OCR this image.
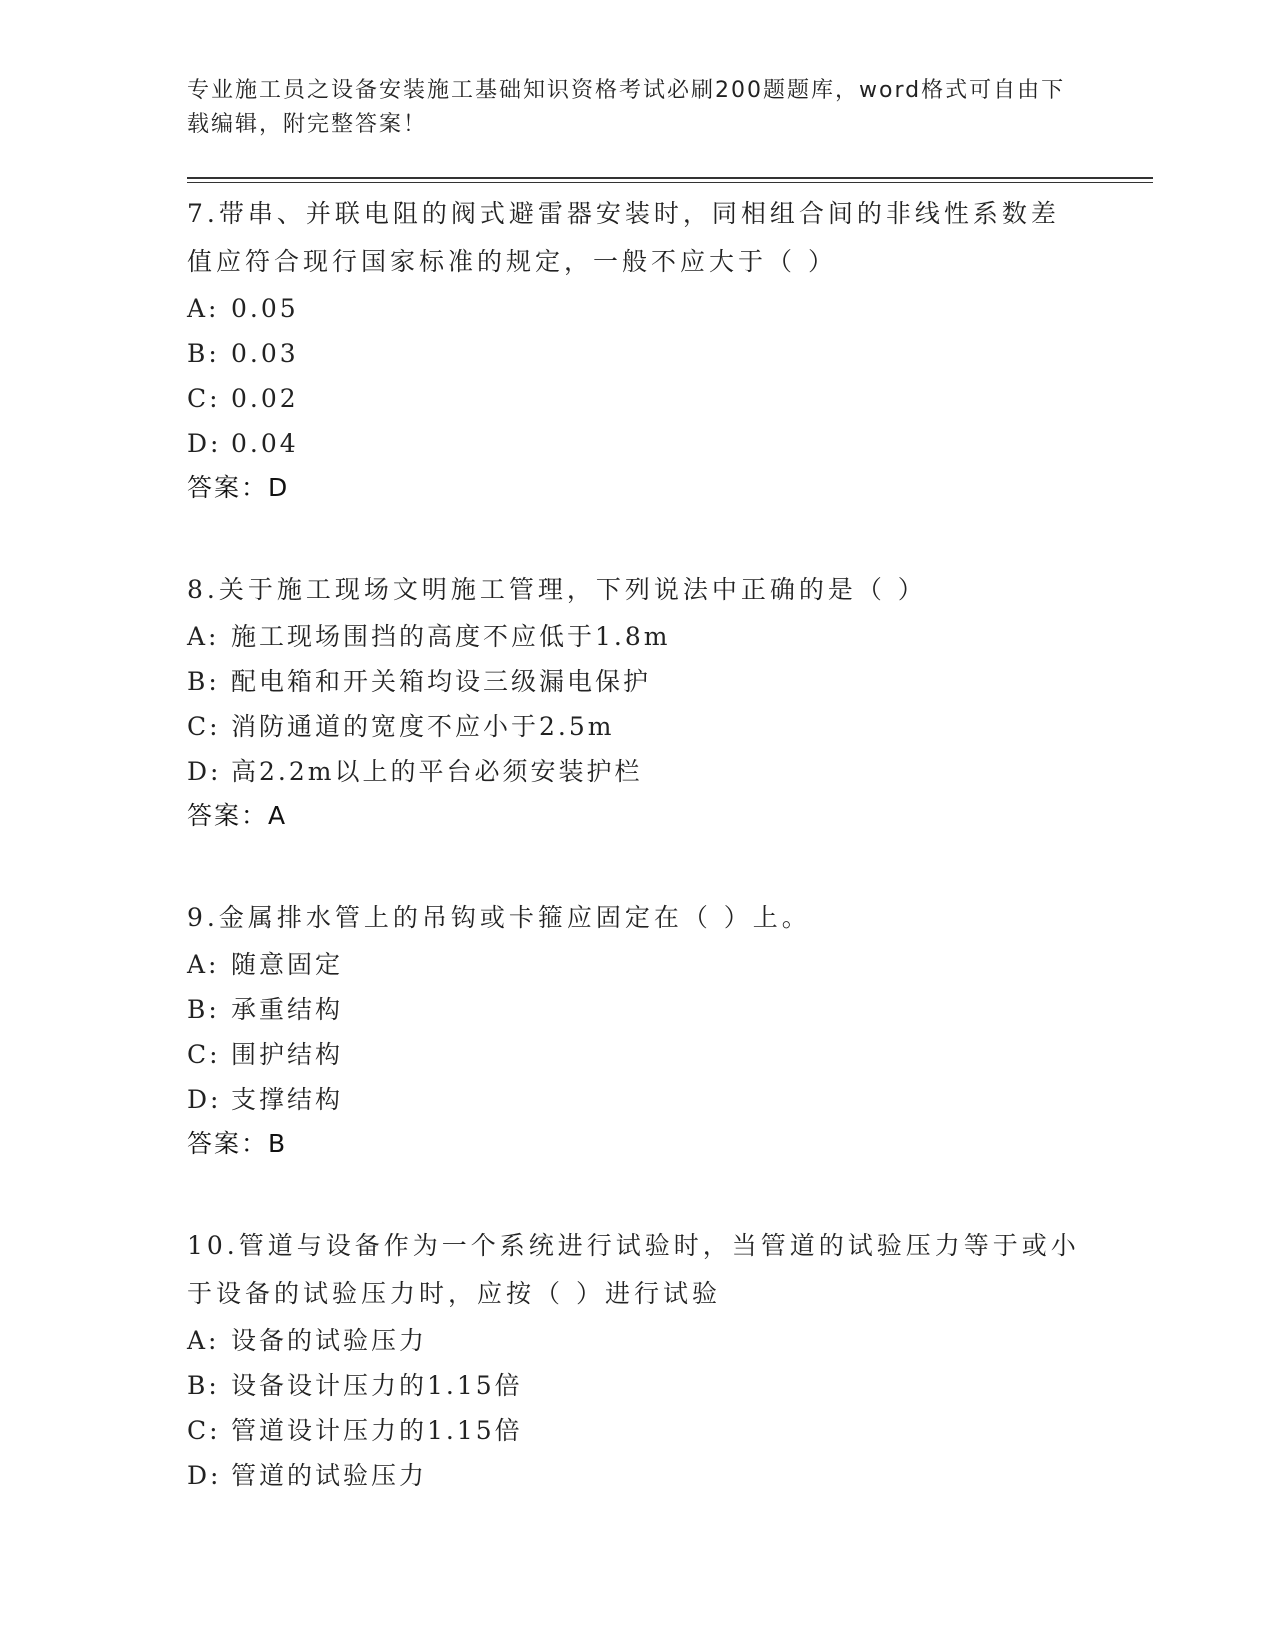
专业施工员之设备安装施工基础知识资格考试必刷200题题库，word格式可自由下载编辑，附完整答案！
7.带串、并联电阻的阀式避雷器安装时，同相组合间的非线性系数差值应符合现行国家标准的规定，一般不应大于（ ）
A: 0.05
B: 0.03
C: 0.02
D: 0.04
答案：D
8.关于施工现场文明施工管理，下列说法中正确的是（ ）
A: 施工现场围挡的高度不应低于1.8m
B: 配电箱和开关箱均设三级漏电保护
C: 消防通道的宽度不应小于2.5m
D: 高2.2m以上的平台必须安装护栏
答案：A
9.金属排水管上的吊钩或卡箍应固定在（ ）上。
A: 随意固定
B: 承重结构
C: 围护结构
D: 支撑结构
答案：B
10.管道与设备作为一个系统进行试验时，当管道的试验压力等于或小于设备的试验压力时，应按（ ）进行试验
A: 设备的试验压力
B: 设备设计压力的1.15倍
C: 管道设计压力的1.15倍
D: 管道的试验压力
